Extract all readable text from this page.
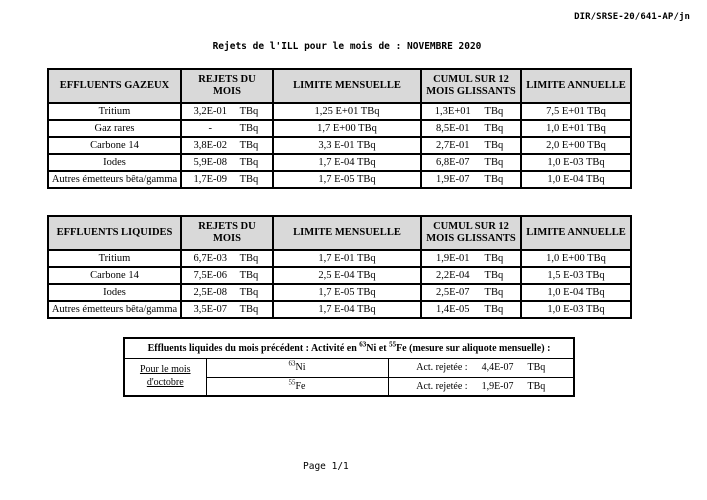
DIR/SRSE-20/641-AP/jn
Rejets de l'ILL pour le mois de : NOVEMBRE 2020
EFFLUENTS GAZEUX	REJETS DU MOIS	LIMITE MENSUELLE	CUMUL SUR 12 MOIS GLISSANTS	LIMITE ANNUELLE
Tritium	3,2E-01 TBq	1,25 E+01 TBq	1,3E+01 TBq	7,5 E+01 TBq
Gaz rares	- TBq	1,7 E+00 TBq	8,5E-01 TBq	1,0 E+01 TBq
Carbone 14	3,8E-02 TBq	3,3 E-01 TBq	2,7E-01 TBq	2,0 E+00 TBq
Iodes	5,9E-08 TBq	1,7 E-04 TBq	6,8E-07 TBq	1,0 E-03 TBq
Autres émetteurs bêta/gamma	1,7E-09 TBq	1,7 E-05 TBq	1,9E-07 TBq	1,0 E-04 TBq
EFFLUENTS LIQUIDES	REJETS DU MOIS	LIMITE MENSUELLE	CUMUL SUR 12 MOIS GLISSANTS	LIMITE ANNUELLE
Tritium	6,7E-03 TBq	1,7 E-01 TBq	1,9E-01 TBq	1,0 E+00 TBq
Carbone 14	7,5E-06 TBq	2,5 E-04 TBq	2,2E-04 TBq	1,5 E-03 TBq
Iodes	2,5E-08 TBq	1,7 E-05 TBq	2,5E-07 TBq	1,0 E-04 TBq
Autres émetteurs bêta/gamma	3,5E-07 TBq	1,7 E-04 TBq	1,4E-05 TBq	1,0 E-03 TBq
Effluents liquides du mois précédent : Activité en $^{63}$Ni et $^{55}$Fe (mesure sur aliquote mensuelle) :		

Pour le mois
d'octobre	$^{63}$Ni	Act. rejetée : 4,4E-07 TBq
	$^{55}$Fe	Act. rejetée : 1,9E-07 TBq
Page 1/1
